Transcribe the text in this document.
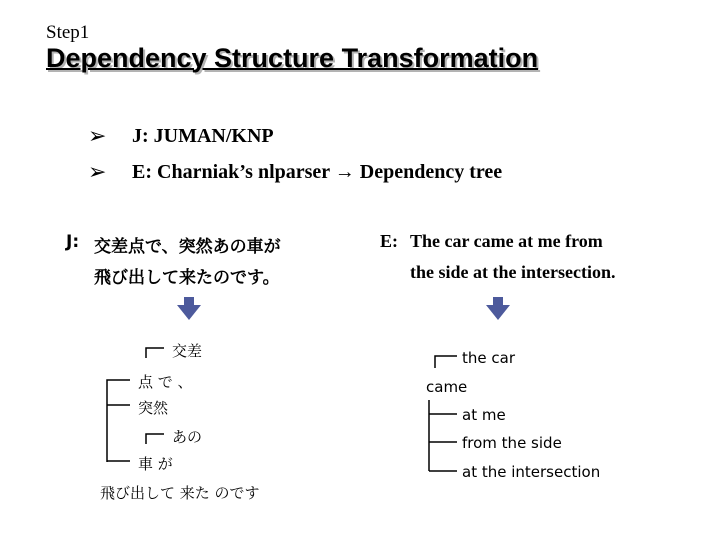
Step1
Dependency Structure Transformation
➢	J: JUMAN/KNP
➢	E: Charniak’s nlparser → Dependency tree
J: 交差点で、突然あの車が
飛び出して来たのです。
E: The car came at me from
the side at the intersection.
交差
点 で 、
突然
あの
車 が
飛び出して 来た のです
the car
came
at me
from the side
at the intersection
